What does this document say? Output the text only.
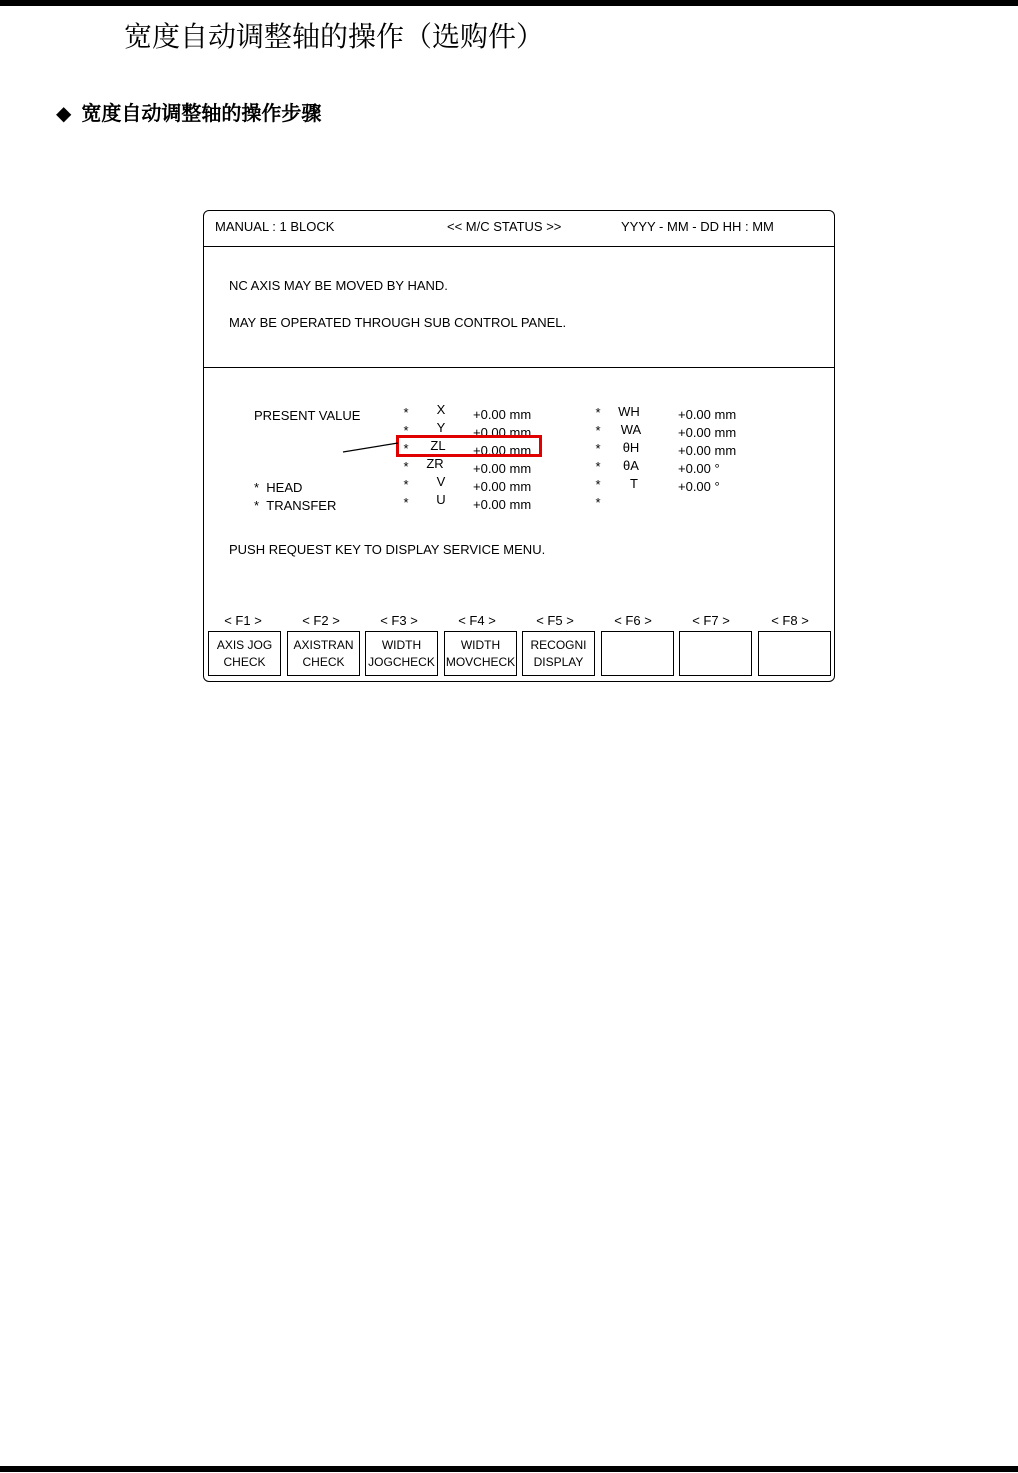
宽度自动调整轴的操作（选购件）
◆ 宽度自动调整轴的操作步骤
MANUAL : 1 BLOCK	<< M/C STATUS >>	YYYY - MM - DD HH : MM
NC AXIS MAY BE MOVED BY HAND.
MAY BE OPERATED THROUGH SUB CONTROL PANEL.
PRESENT VALUE
* HEAD
* TRANSFER
*	X	+0.00 mm
*	Y	+0.00 mm
*	ZL	+0.00 mm
*	ZR	+0.00 mm
*	V	+0.00 mm
*	U	+0.00 mm
*	WH	+0.00 mm
*	WA	+0.00 mm
*	θH	+0.00 mm
*	θA	+0.00 °
*	T	+0.00 °
*
PUSH REQUEST KEY TO DISPLAY SERVICE MENU.
< F1 >	< F2 >	< F3 >	< F4 >	< F5 >	< F6 >	< F7 >	< F8 >
AXIS JOG
CHECK
AXISTRAN
CHECK
WIDTH
JOGCHECK
WIDTH
MOVCHECK
RECOGNI
DISPLAY
